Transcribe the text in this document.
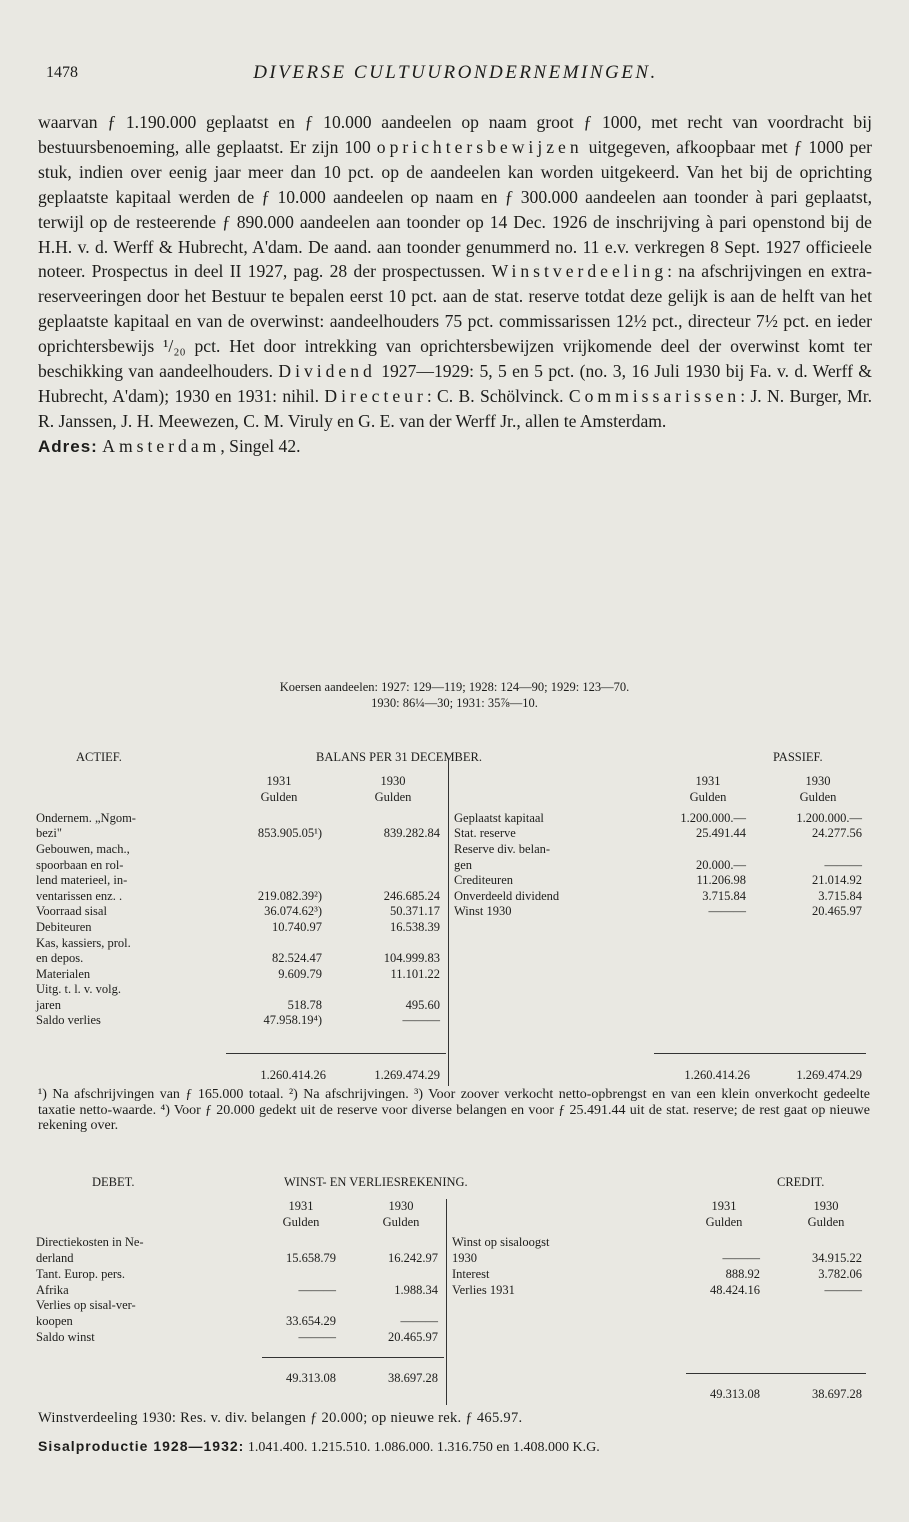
1478	DIVERSE CULTUURONDERNEMINGEN.

waarvan ƒ 1.190.000 geplaatst en ƒ 10.000 aandeelen op naam groot ƒ 1000, met recht van voordracht bij bestuursbenoeming, alle geplaatst. Er zijn 100 oprichtersbewijzen uitgegeven, afkoopbaar met ƒ 1000 per stuk, indien over eenig jaar meer dan 10 pct. op de aandeelen kan worden uitgekeerd. Van het bij de oprichting geplaatste kapitaal werden de ƒ 10.000 aandeelen op naam en ƒ 300.000 aandeelen aan toonder à pari geplaatst, terwijl op de resteerende ƒ 890.000 aandeelen aan toonder op 14 Dec. 1926 de inschrijving à pari openstond bij de H.H. v. d. Werff & Hubrecht, A'dam. De aand. aan toonder genummerd no. 11 e.v. verkregen 8 Sept. 1927 officieele noteer. Prospectus in deel II 1927, pag. 28 der prospectussen. Winstverdeeling: na afschrijvingen en extra-reserveeringen door het Bestuur te bepalen eerst 10 pct. aan de stat. reserve totdat deze gelijk is aan de helft van het geplaatste kapitaal en van de overwinst: aandeelhouders 75 pct. commissarissen 12½ pct., directeur 7½ pct. en ieder oprichtersbewijs ¹/₂₀ pct. Het door intrekking van oprichtersbewijzen vrijkomende deel der overwinst komt ter beschikking van aandeelhouders. Dividend 1927—1929: 5, 5 en 5 pct. (no. 3, 16 Juli 1930 bij Fa. v. d. Werff & Hubrecht, A'dam); 1930 en 1931: nihil. Directeur: C. B. Schölvinck. Commissarissen: J. N. Burger, Mr. R. Janssen, J. H. Meewezen, C. M. Viruly en G. E. van der Werff Jr., allen te Amsterdam.

Adres: Amsterdam, Singel 42.

Koersen aandeelen: 1927: 129—119; 1928: 124—90; 1929: 123—70.
1930: 86¼—30; 1931: 35⅞—10.
ACTIEF.	BALANS PER 31 DECEMBER.	PASSIEF.
1931	1930
Gulden	Gulden
1931	1930
Gulden	Gulden
Ondernem. „Ngom-
bezi"	853.905.05¹)	839.282.84
Gebouwen, mach.,
spoorbaan en rol-
lend materieel, in-
ventarissen enz. .	219.082.39²)	246.685.24
Voorraad sisal	36.074.62³)	50.371.17
Debiteuren	10.740.97	16.538.39
Kas, kassiers, prol.
en depos.	82.524.47	104.999.83
Materialen	9.609.79	11.101.22
Uitg. t. l. v. volg.
jaren	518.78	495.60
Saldo verlies	47.958.19⁴)	———
Geplaatst kapitaal	1.200.000.—	1.200.000.—
Stat. reserve	25.491.44	24.277.56
Reserve div. belan-
gen	20.000.—	———
Crediteuren	11.206.98	21.014.92
Onverdeeld dividend	3.715.84	3.715.84
Winst 1930	———	20.465.97
1.260.414.26	1.269.474.29	1.260.414.26	1.269.474.29

¹) Na afschrijvingen van ƒ 165.000 totaal. ²) Na afschrijvingen. ³) Voor zoover verkocht netto-opbrengst en van een klein onverkocht gedeelte taxatie netto-waarde. ⁴) Voor ƒ 20.000 gedekt uit de reserve voor diverse belangen en voor ƒ 25.491.44 uit de stat. reserve; de rest gaat op nieuwe rekening over.

DEBET.	WINST- EN VERLIESREKENING.	CREDIT.
1931	1930
Gulden	Gulden
1931	1930
Gulden	Gulden
Directiekosten in Ne-
derland	15.658.79	16.242.97
Tant. Europ. pers.
Afrika	———	1.988.34
Verlies op sisal-ver-
koopen	33.654.29	———
Saldo winst	———	20.465.97
Winst op sisaloogst
1930	———	34.915.22
Interest	888.92	3.782.06
Verlies 1931	48.424.16	———
49.313.08	38.697.28
49.313.08	38.697.28
Winstverdeeling 1930: Res. v. div. belangen ƒ 20.000; op nieuwe rek. ƒ 465.97.
Sisalproductie 1928—1932: 1.041.400. 1.215.510. 1.086.000. 1.316.750 en 1.408.000 K.G.
